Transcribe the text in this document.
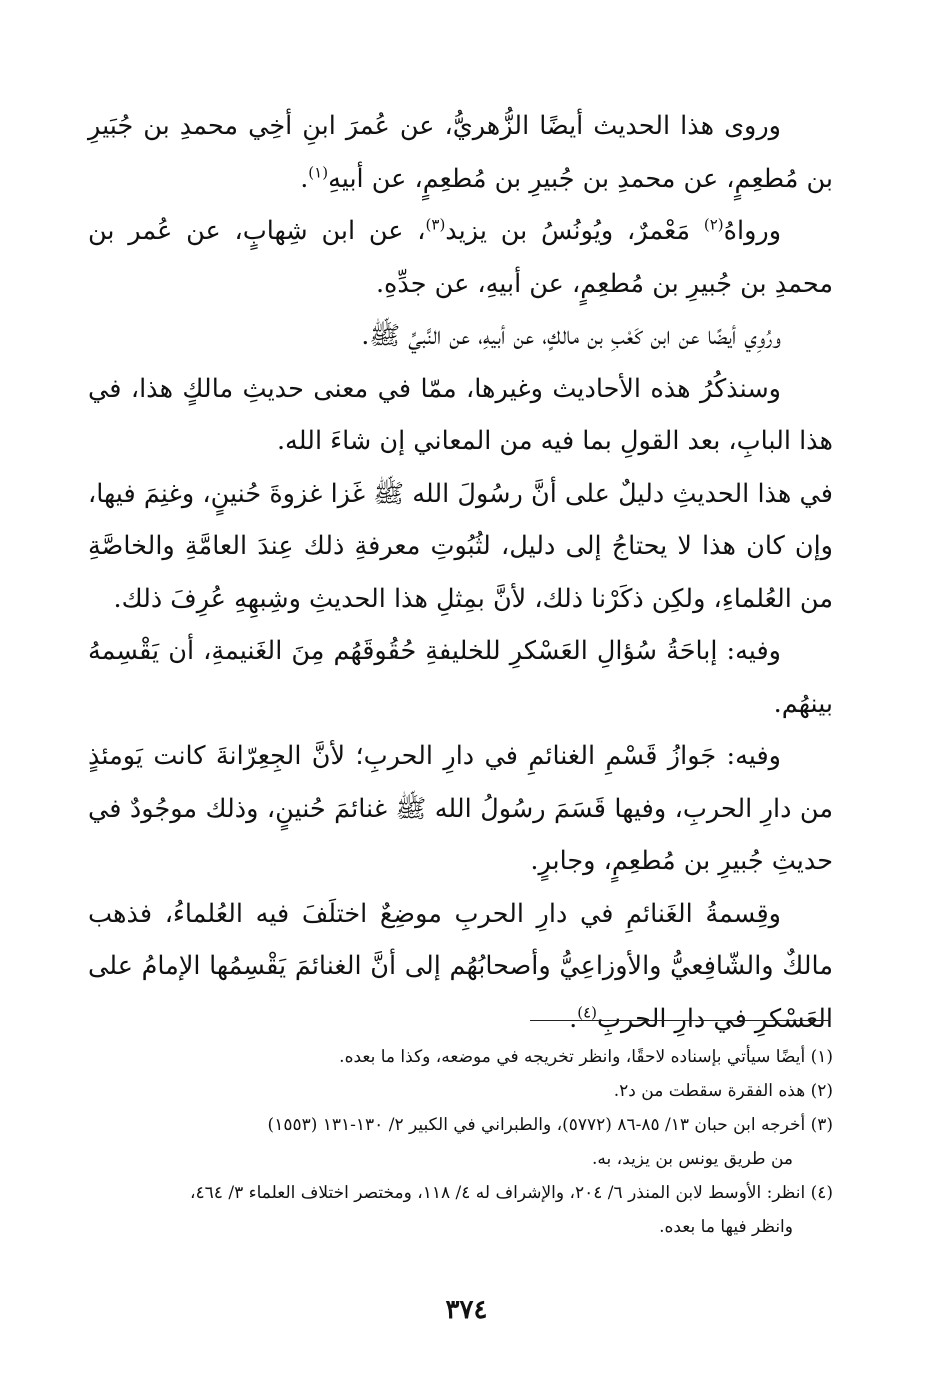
وروى هذا الحديث أيضًا الزُّهريُّ، عن عُمرَ ابنِ أخِي محمدِ بن جُبَيرِ بن مُطعِمٍ، عن محمدِ بن جُبيرِ بن مُطعِمٍ، عن أبيهِ$^{(١)}$.

ورواهُ$^{(٢)}$ مَعْمرٌ، ويُونُسُ بن يزيد$^{(٣)}$، عن ابن شِهابٍ، عن عُمر بن محمدِ بن جُبيرِ بن مُطعِمٍ، عن أبيهِ، عن جدِّهِ.

ورُوِي أيضًا عن ابن كَعْبِ بن مالكٍ، عن أبيهِ، عن النَّبيِّ ﷺ.

وسنذكُرُ هذه الأحاديث وغيرها، ممّا في معنى حديثِ مالكٍ هذا، في هذا البابِ، بعد القولِ بما فيه من المعاني إن شاءَ الله.

في هذا الحديثِ دليلٌ على أنَّ رسُولَ الله ﷺ غَزا غزوةَ حُنينٍ، وغنِمَ فيها، وإن كان هذا لا يحتاجُ إلى دليل، لثُبُوتِ معرفةِ ذلك عِندَ العامَّةِ والخاصَّةِ من العُلماءِ، ولكِن ذكَرْنا ذلك، لأنَّ بمِثلِ هذا الحديثِ وشِبهِهِ عُرِفَ ذلك.

وفيه: إباحَةُ سُؤالِ العَسْكرِ للخليفةِ حُقُوقَهُم مِنَ الغَنيمةِ، أن يَقْسِمهُ بينهُم.

وفيه: جَوازُ قَسْمِ الغنائمِ في دارِ الحربِ؛ لأنَّ الجِعِرّانةَ كانت يَومئذٍ من دارِ الحربِ، وفيها قَسَمَ رسُولُ الله ﷺ غنائمَ حُنينٍ، وذلك موجُودٌ في حديثِ جُبيرِ بن مُطعِمٍ، وجابرٍ.

وقِسمةُ الغَنائمِ في دارِ الحربِ موضِعٌ اختلَفَ فيه العُلماءُ، فذهب مالكٌ والشّافِعيُّ والأوزاعِيُّ وأصحابُهُم إلى أنَّ الغنائمَ يَقْسِمُها الإمامُ على العَسْكرِ في دارِ الحربِ$^{(٤)}$.

(١) أيضًا سيأتي بإسناده لاحقًا، وانظر تخريجه في موضعه، وكذا ما بعده.

(٢) هذه الفقرة سقطت من د٢.

(٣) أخرجه ابن حبان ١٣/ ٨٥-٨٦ (٥٧٧٢)، والطبراني في الكبير ٢/ ١٣٠-١٣١ (١٥٥٣)

من طريق يونس بن يزيد، به.

(٤) انظر: الأوسط لابن المنذر ٦/ ٢٠٤، والإشراف له ٤/ ١١٨، ومختصر اختلاف العلماء ٣/ ٤٦٤،

وانظر فيها ما بعده.

٣٧٤
